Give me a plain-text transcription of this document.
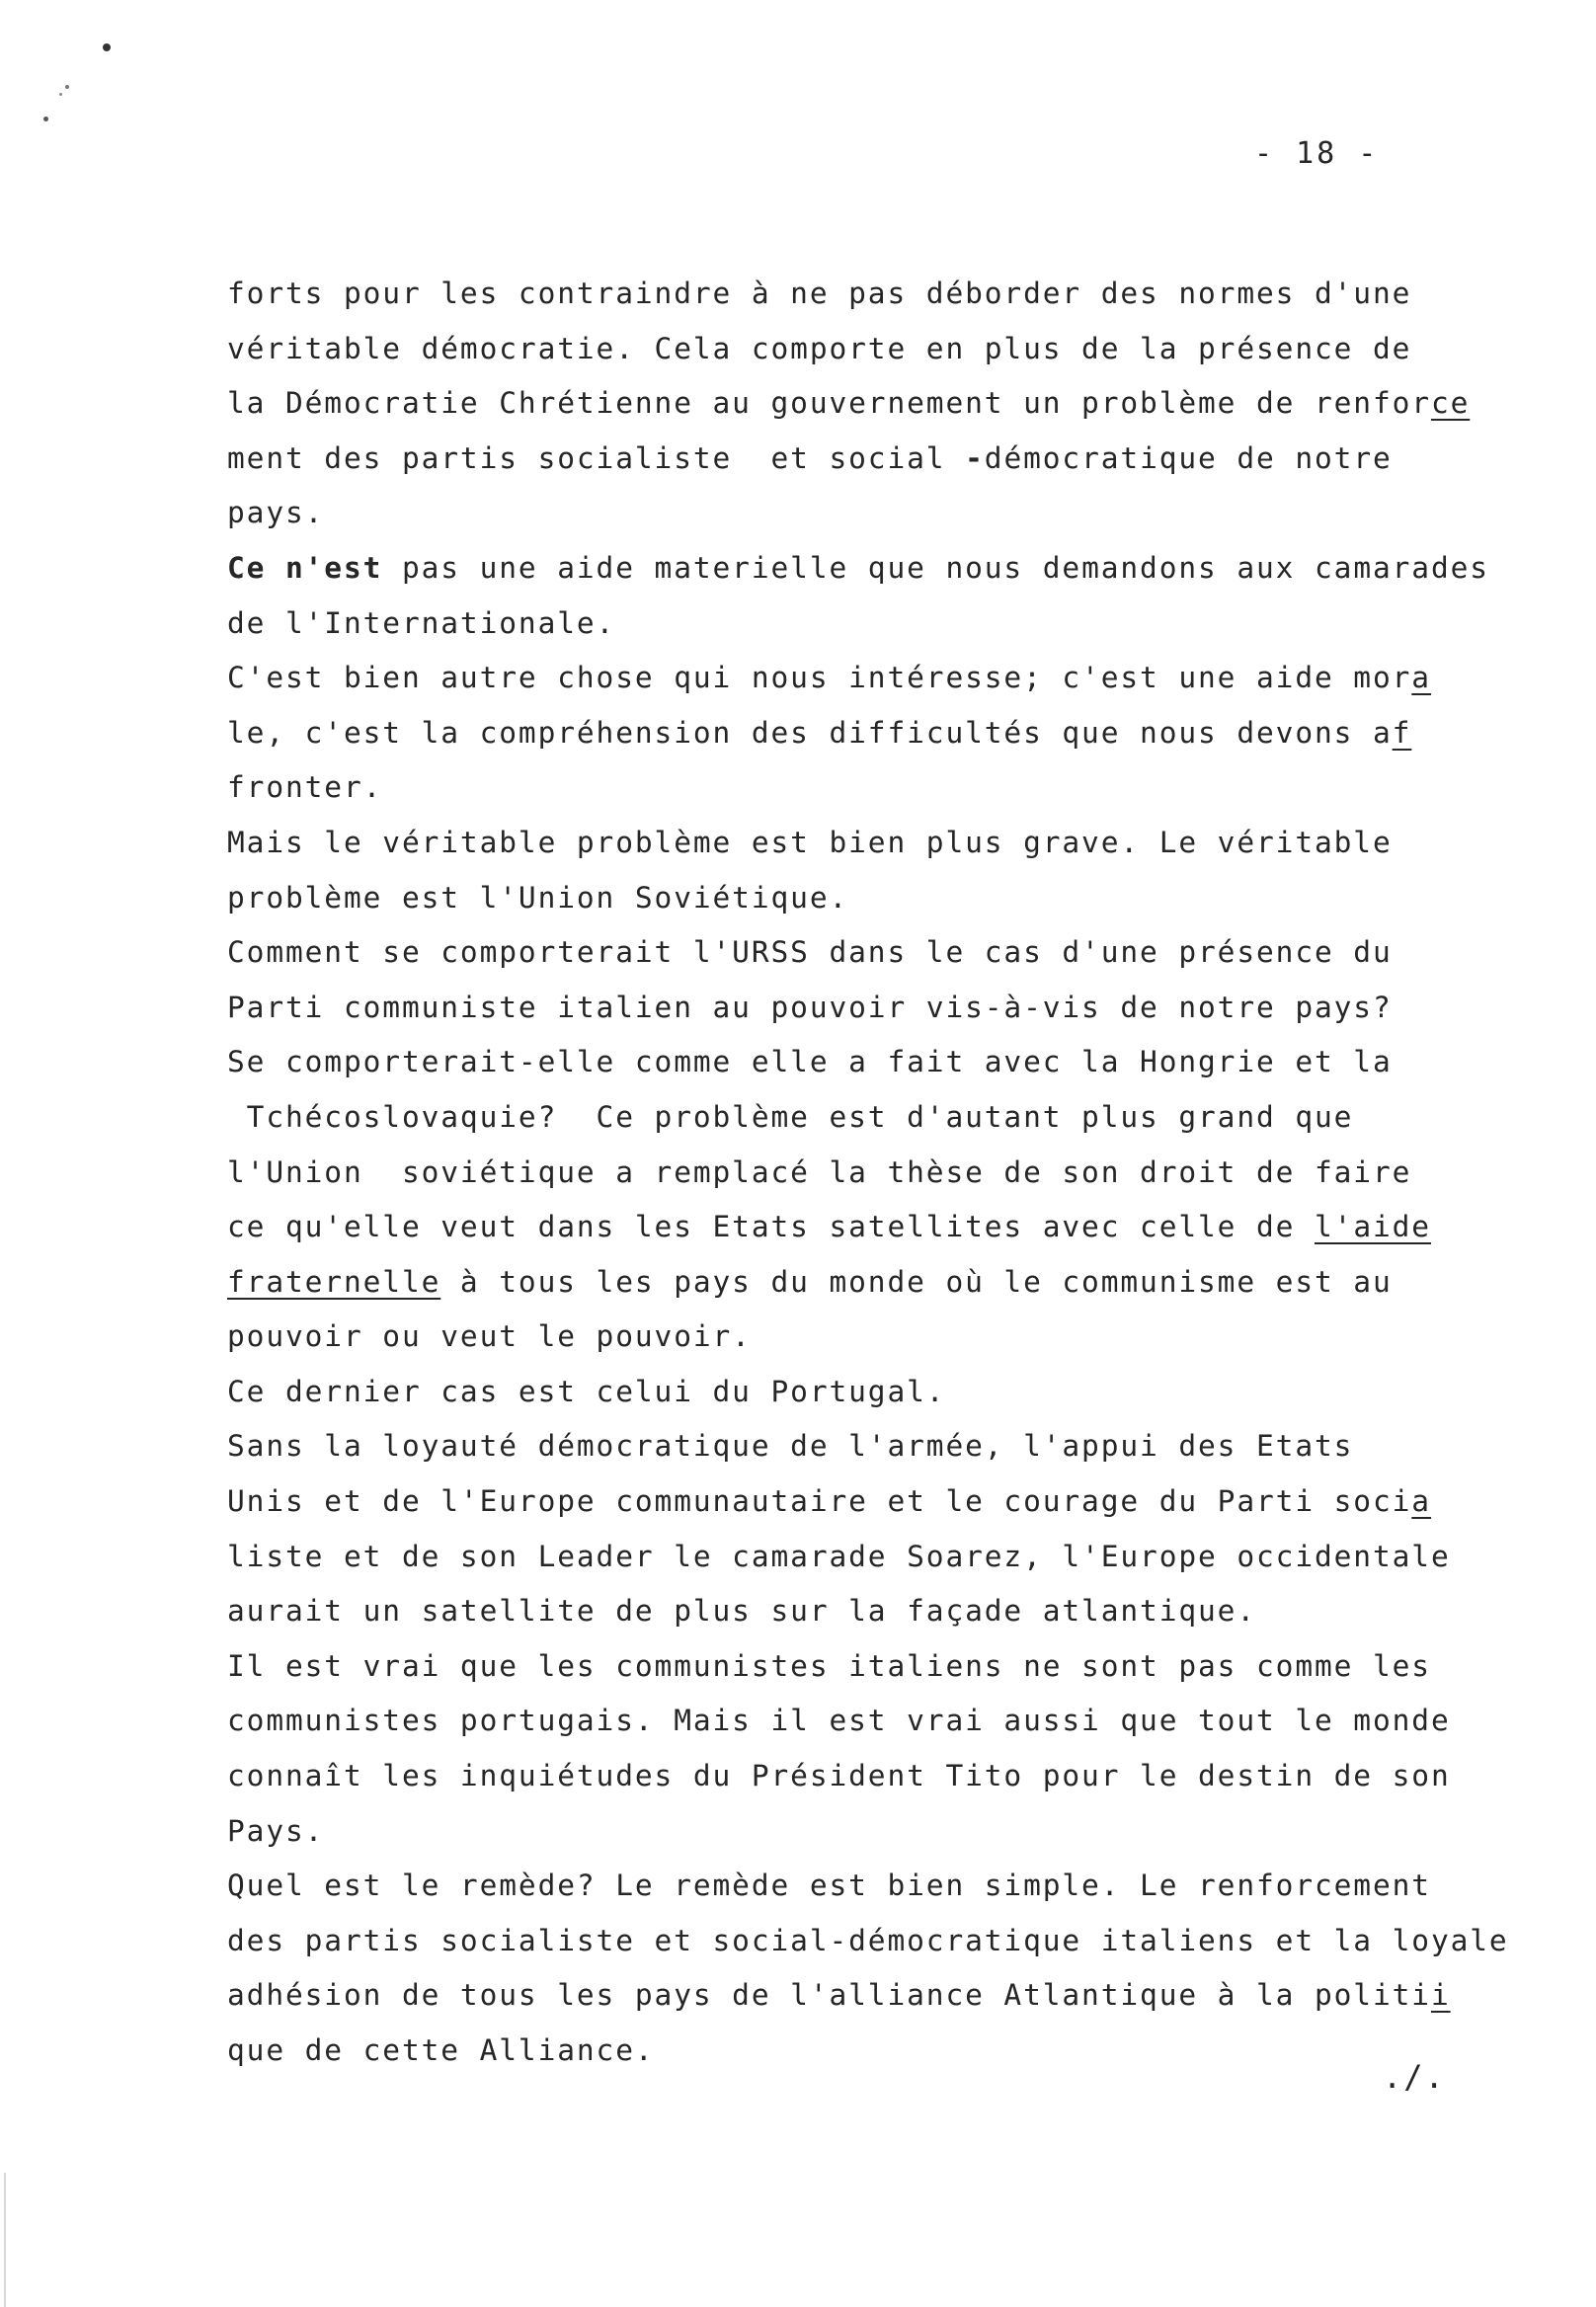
- 18 -
forts pour les contraindre à ne pas déborder des normes d'une
véritable démocratie. Cela comporte en plus de la présence de
la Démocratie Chrétienne au gouvernement un problème de renforce
ment des partis socialiste  et social -démocratique de notre
pays.
Ce n'est pas une aide materielle que nous demandons aux camarades
de l'Internationale.
C'est bien autre chose qui nous intéresse; c'est une aide mora
le, c'est la compréhension des difficultés que nous devons af
fronter.
Mais le véritable problème est bien plus grave. Le véritable
problème est l'Union Soviétique.
Comment se comporterait l'URSS dans le cas d'une présence du
Parti communiste italien au pouvoir vis-à-vis de notre pays?
Se comporterait-elle comme elle a fait avec la Hongrie et la
Tchécoslovaquie?  Ce problème est d'autant plus grand que
l'Union  soviétique a remplacé la thèse de son droit de faire
ce qu'elle veut dans les Etats satellites avec celle de l'aide
fraternelle à tous les pays du monde où le communisme est au
pouvoir ou veut le pouvoir.
Ce dernier cas est celui du Portugal.
Sans la loyauté démocratique de l'armée, l'appui des Etats
Unis et de l'Europe communautaire et le courage du Parti socia
liste et de son Leader le camarade Soarez, l'Europe occidentale
aurait un satellite de plus sur la façade atlantique.
Il est vrai que les communistes italiens ne sont pas comme les
communistes portugais. Mais il est vrai aussi que tout le monde
connaît les inquiétudes du Président Tito pour le destin de son
Pays.
Quel est le remède? Le remède est bien simple. Le renforcement
des partis socialiste et social-démocratique italiens et la loyale
adhésion de tous les pays de l'alliance Atlantique à la politii
que de cette Alliance.
./.
